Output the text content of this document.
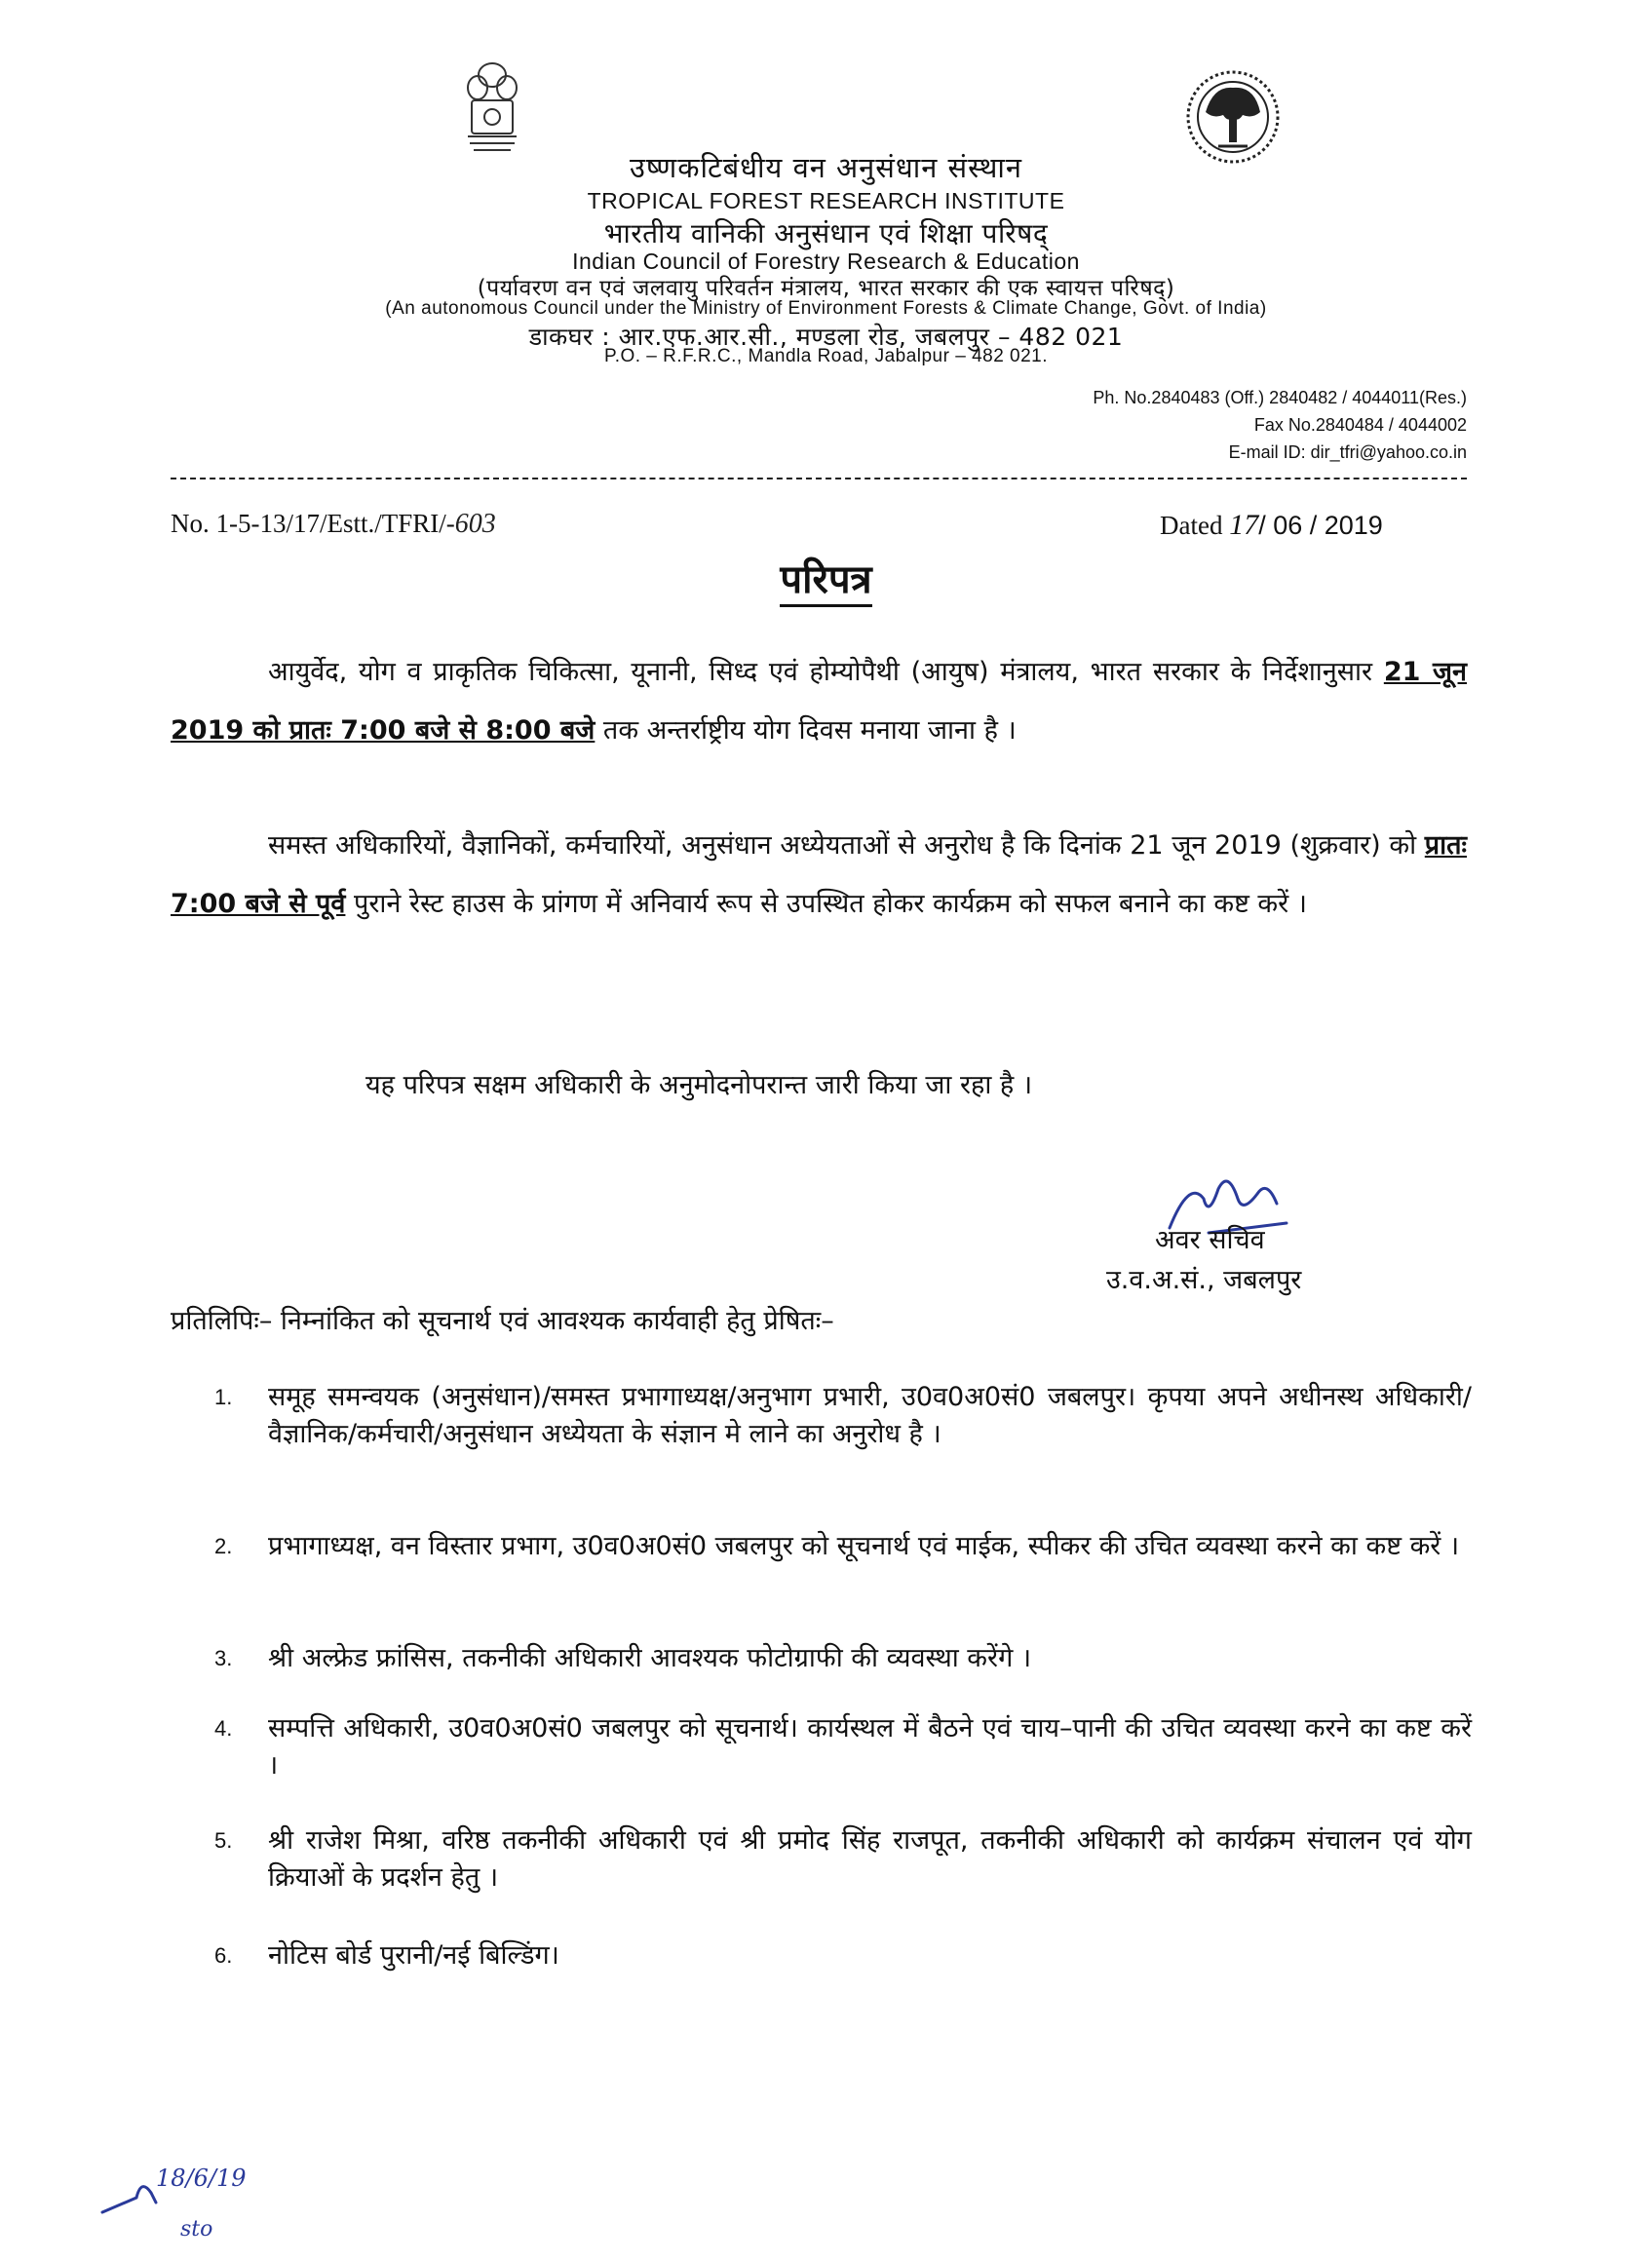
उष्णकटिबंधीय वन अनुसंधान संस्थान
TROPICAL FOREST RESEARCH INSTITUTE
भारतीय वानिकी अनुसंधान एवं शिक्षा परिषद्
Indian Council of Forestry Research & Education
(पर्यावरण वन एवं जलवायु परिवर्तन मंत्रालय, भारत सरकार की एक स्वायत्त परिषद्)
(An autonomous Council under the Ministry of Environment Forests & Climate Change, Govt. of India)
डाकघर : आर.एफ.आर.सी., मण्डला रोड, जबलपुर – 482 021
P.O. – R.F.R.C., Mandla Road, Jabalpur – 482 021.
Ph. No.2840483 (Off.) 2840482 / 4044011(Res.)
Fax No.2840484 / 4044002
E-mail ID: dir_tfri@yahoo.co.in
No. 1-5-13/17/Estt./TFRI/-603	Dated 17/ 06 / 2019
परिपत्र
आयुर्वेद, योग व प्राकृतिक चिकित्सा, यूनानी, सिध्द एवं होम्योपैथी (आयुष) मंत्रालय, भारत सरकार के निर्देशानुसार 21 जून 2019 को प्रातः 7:00 बजे से 8:00 बजे तक अन्तर्राष्ट्रीय योग दिवस मनाया जाना है ।
समस्त अधिकारियों, वैज्ञानिकों, कर्मचारियों, अनुसंधान अध्येयताओं से अनुरोध है कि दिनांक 21 जून 2019 (शुक्रवार) को प्रातः 7:00 बजे से पूर्व पुराने रेस्ट हाउस के प्रांगण में अनिवार्य रूप से उपस्थित होकर कार्यक्रम को सफल बनाने का कष्ट करें ।
यह परिपत्र सक्षम अधिकारी के अनुमोदनोपरान्त जारी किया जा रहा है ।
अवर सचिव
उ.व.अ.सं., जबलपुर
प्रतिलिपिः– निम्नांकित को सूचनार्थ एवं आवश्यक कार्यवाही हेतु प्रेषितः–
1.	समूह समन्वयक (अनुसंधान)/समस्त प्रभागाध्यक्ष/अनुभाग प्रभारी, उ0व0अ0सं0 जबलपुर। कृपया अपने अधीनस्थ अधिकारी/वैज्ञानिक/कर्मचारी/अनुसंधान अध्येयता के संज्ञान मे लाने का अनुरोध है ।
2.	प्रभागाध्यक्ष, वन विस्तार प्रभाग, उ0व0अ0सं0 जबलपुर को सूचनार्थ एवं माईक, स्पीकर की उचित व्यवस्था करने का कष्ट करें ।
3.	श्री अल्फ्रेड फ्रांसिस, तकनीकी अधिकारी आवश्यक फोटोग्राफी की व्यवस्था करेंगे ।
4.	सम्पत्ति अधिकारी, उ0व0अ0सं0 जबलपुर को सूचनार्थ। कार्यस्थल में बैठने एवं चाय–पानी की उचित व्यवस्था करने का कष्ट करें ।
5.	श्री राजेश मिश्रा, वरिष्ठ तकनीकी अधिकारी एवं श्री प्रमोद सिंह राजपूत, तकनीकी अधिकारी को कार्यक्रम संचालन एवं योग क्रियाओं के प्रदर्शन हेतु ।
6.	नोटिस बोर्ड पुरानी/नई बिल्डिंग।
18/6/19
sto
